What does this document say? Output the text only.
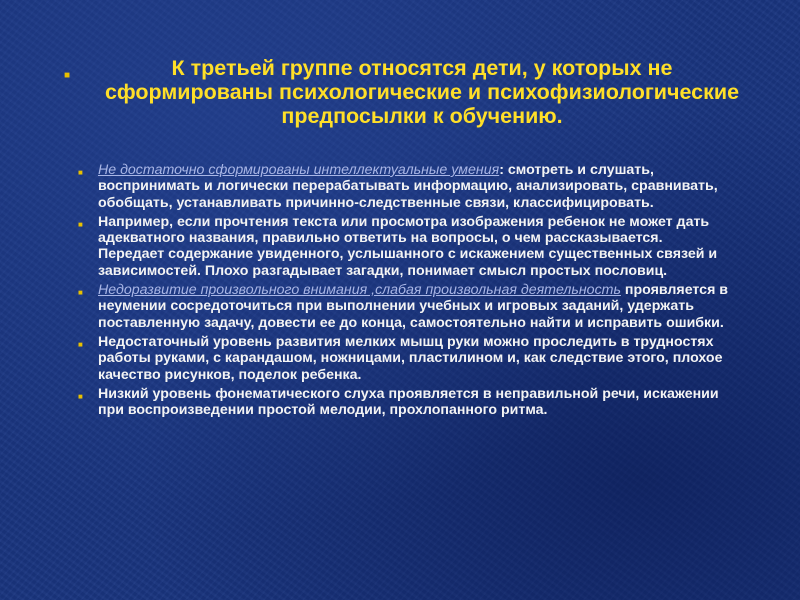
■	К третьей группе относятся дети, у которых не сформированы психологические и психофизиологические предпосылки к обучению.
■ Не достаточно сформированы интеллектуальные умения: смотреть и слушать, воспринимать и логически перерабатывать информацию, анализировать, сравнивать, обобщать, устанавливать причинно-следственные связи, классифицировать.
■ Например, если прочтения текста или просмотра изображения ребенок не может дать адекватного названия, правильно ответить на вопросы, о чем рассказывается. Передает содержание увиденного, услышанного с искажением существенных связей и зависимостей. Плохо разгадывает загадки, понимает смысл простых пословиц.
■ Недоразвитие произвольного внимания ,слабая произвольная деятельность проявляется в неумении сосредоточиться при выполнении учебных и игровых заданий, удержать поставленную задачу, довести ее до конца, самостоятельно найти и исправить ошибки.
■ Недостаточный уровень развития мелких мышц руки можно проследить в трудностях работы руками, с карандашом, ножницами, пластилином и, как следствие этого, плохое качество рисунков, поделок ребенка.
■ Низкий уровень фонематического слуха проявляется в неправильной речи, искажении при воспроизведении простой мелодии, прохлопанного ритма.
